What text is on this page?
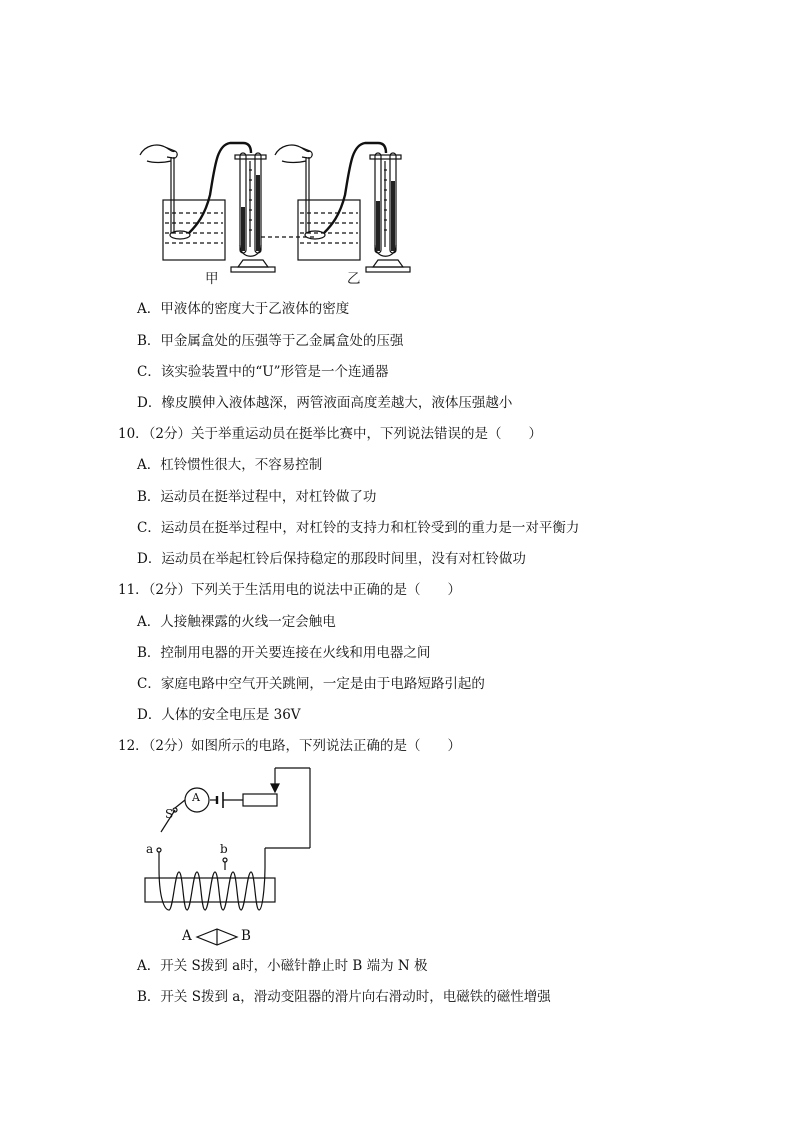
甲	乙
A．甲液体的密度大于乙液体的密度
B．甲金属盒处的压强等于乙金属盒处的压强
C．该实验装置中的“U”形管是一个连通器
D．橡皮膜伸入液体越深，两管液面高度差越大，液体压强越小
10．（2分）关于举重运动员在挺举比赛中，下列说法错误的是（　　）
A．杠铃惯性很大，不容易控制
B．运动员在挺举过程中，对杠铃做了功
C．运动员在挺举过程中，对杠铃的支持力和杠铃受到的重力是一对平衡力
D．运动员在举起杠铃后保持稳定的那段时间里，没有对杠铃做功
11．（2分）下列关于生活用电的说法中正确的是（　　）
A．人接触裸露的火线一定会触电
B．控制用电器的开关要连接在火线和用电器之间
C．家庭电路中空气开关跳闸，一定是由于电路短路引起的
D．人体的安全电压是 36V
12．（2分）如图所示的电路，下列说法正确的是（　　）
A
S
a	b
A	B
A．开关 S拨到 a时，小磁针静止时 B 端为 N 极
B．开关 S拨到 a，滑动变阻器的滑片向右滑动时，电磁铁的磁性增强
